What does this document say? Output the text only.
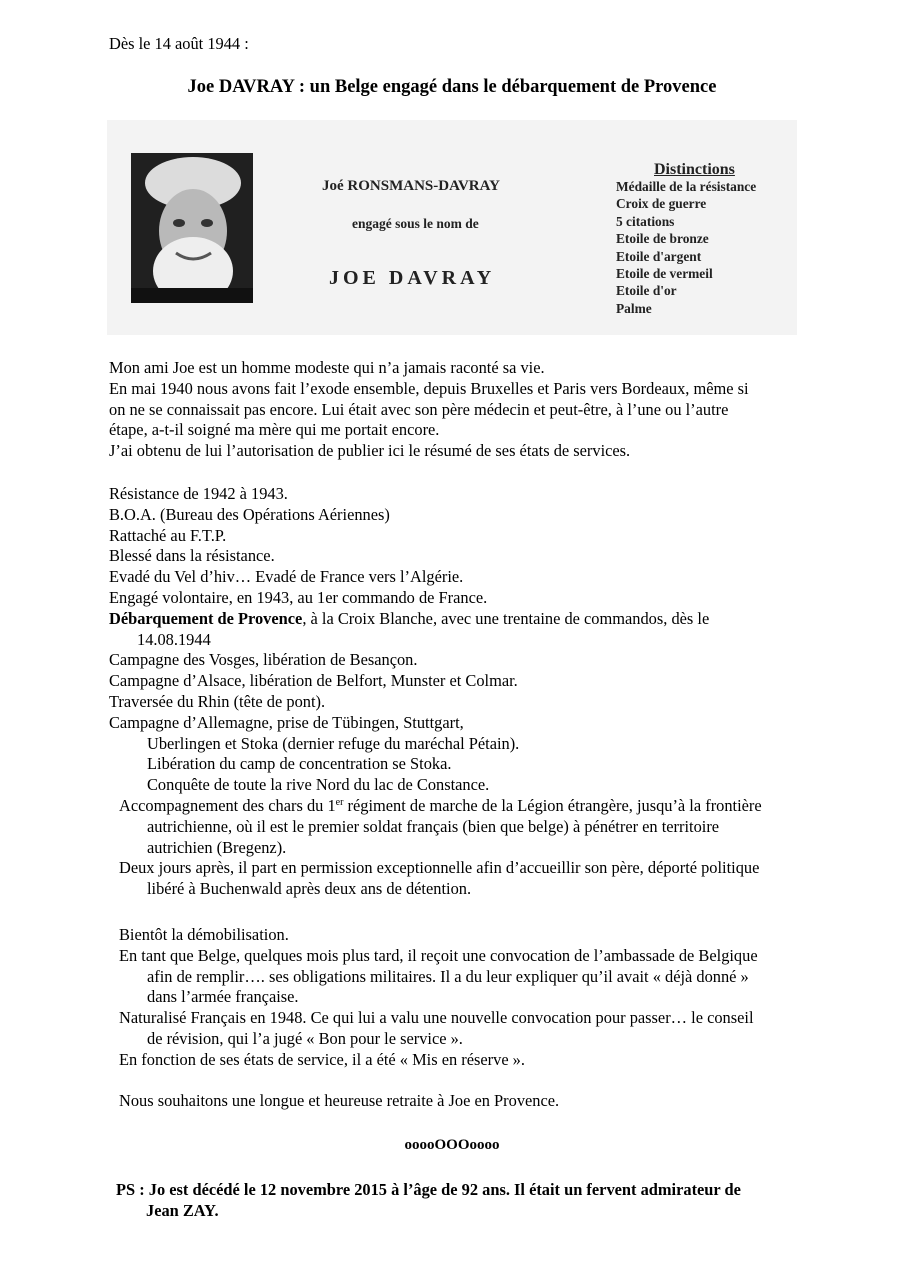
Dès le 14 août 1944 :
Joe DAVRAY : un Belge engagé dans le débarquement de Provence
Joé RONSMANS-DAVRAY
engagé sous le nom de
JOE DAVRAY
Distinctions
Médaille de la résistance
Croix de guerre
5 citations
Etoile de bronze
Etoile d'argent
Etoile de vermeil
Etoile d'or
Palme
Mon ami Joe est un homme modeste qui n’a jamais raconté sa vie.
En mai 1940 nous avons fait l’exode ensemble, depuis Bruxelles et Paris vers Bordeaux, même si
on ne se connaissait pas encore. Lui était avec son père médecin et peut-être, à l’une ou l’autre
étape, a-t-il soigné ma mère qui me portait encore.
J’ai obtenu de lui l’autorisation de publier ici le résumé de ses états de services.
Résistance de 1942 à 1943.
B.O.A. (Bureau des Opérations Aériennes)
Rattaché au F.T.P.
Blessé dans la résistance.
Evadé du Vel d’hiv… Evadé de France vers l’Algérie.
Engagé volontaire, en 1943, au 1er commando de France.
Débarquement de Provence, à la Croix Blanche, avec une trentaine de commandos, dès le
14.08.1944
Campagne des Vosges, libération de Besançon.
Campagne d’Alsace, libération de Belfort, Munster et Colmar.
Traversée du Rhin (tête de pont).
Campagne d’Allemagne, prise de Tübingen, Stuttgart,
Uberlingen et Stoka (dernier refuge du maréchal Pétain).
Libération du camp de concentration se Stoka.
Conquête de toute la rive Nord du lac de Constance.
Accompagnement des chars du 1er régiment de marche de la Légion étrangère, jusqu’à la frontière
autrichienne, où il est le premier soldat français (bien que belge) à pénétrer en territoire
autrichien (Bregenz).
Deux jours après, il part en permission exceptionnelle afin d’accueillir son père, déporté politique
libéré à Buchenwald après deux ans de détention.
Bientôt la démobilisation.
En tant que Belge, quelques mois plus tard, il reçoit une convocation de l’ambassade de Belgique
afin de remplir…. ses obligations militaires. Il a du leur expliquer qu’il avait « déjà donné »
dans l’armée française.
Naturalisé Français en 1948. Ce qui lui a valu une nouvelle convocation pour passer… le conseil
de révision, qui l’a jugé « Bon pour le service ».
En fonction de ses états de service, il a été « Mis en réserve ».
Nous souhaitons une longue et heureuse retraite à Joe en Provence.
ooooOOOoooo
PS : Jo est décédé le 12 novembre 2015 à l’âge de 92 ans. Il était un fervent admirateur de
Jean ZAY.
